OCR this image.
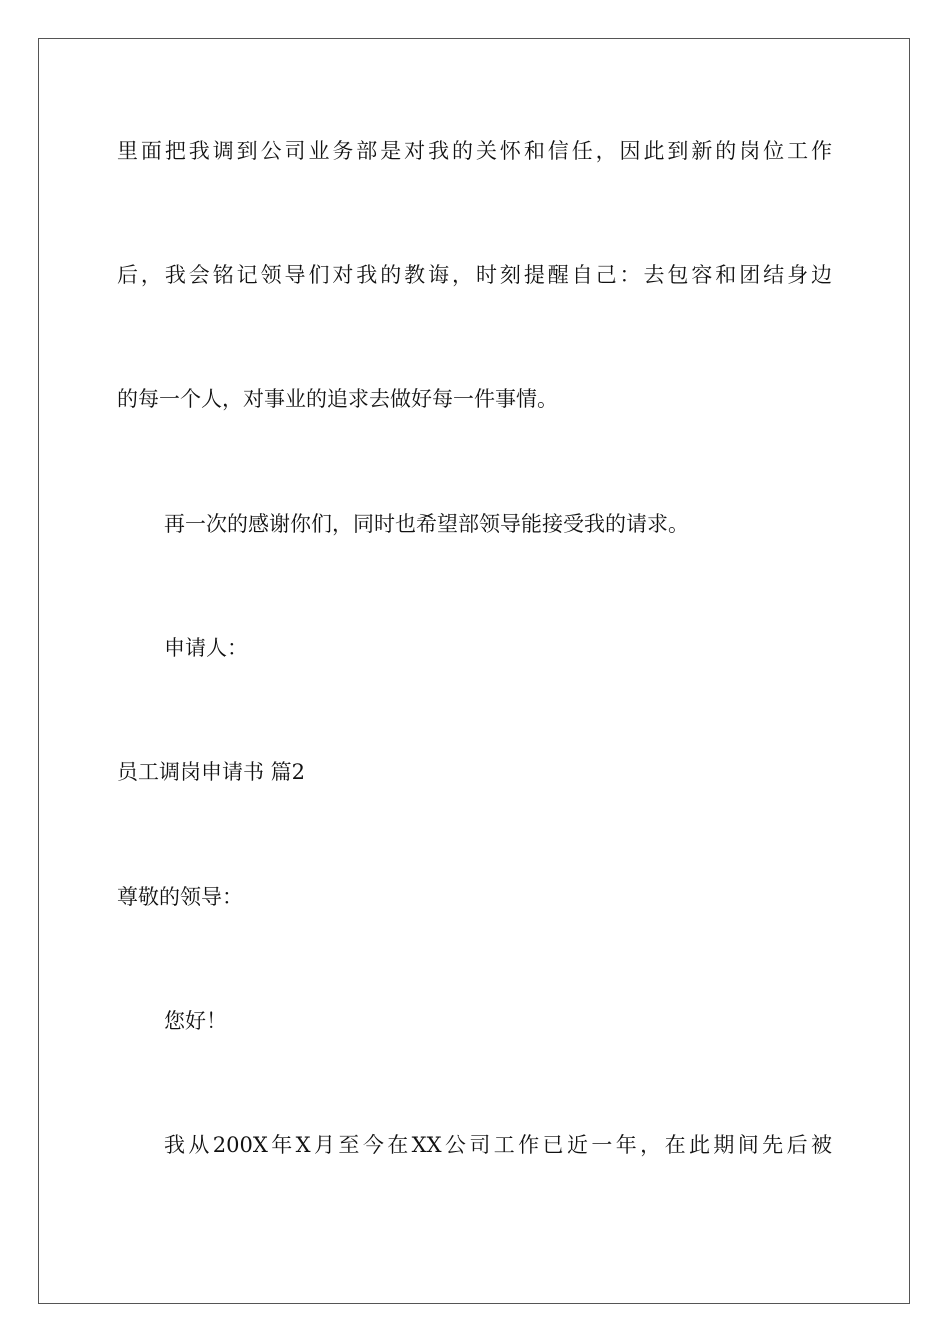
里面把我调到公司业务部是对我的关怀和信任，因此到新的岗位工作
后，我会铭记领导们对我的教诲，时刻提醒自己：去包容和团结身边
的每一个人，对事业的追求去做好每一件事情。
再一次的感谢你们，同时也希望部领导能接受我的请求。
申请人：
员工调岗申请书 篇2
尊敬的领导：
您好！
我从200X年X月至今在XX公司工作已近一年，在此期间先后被
